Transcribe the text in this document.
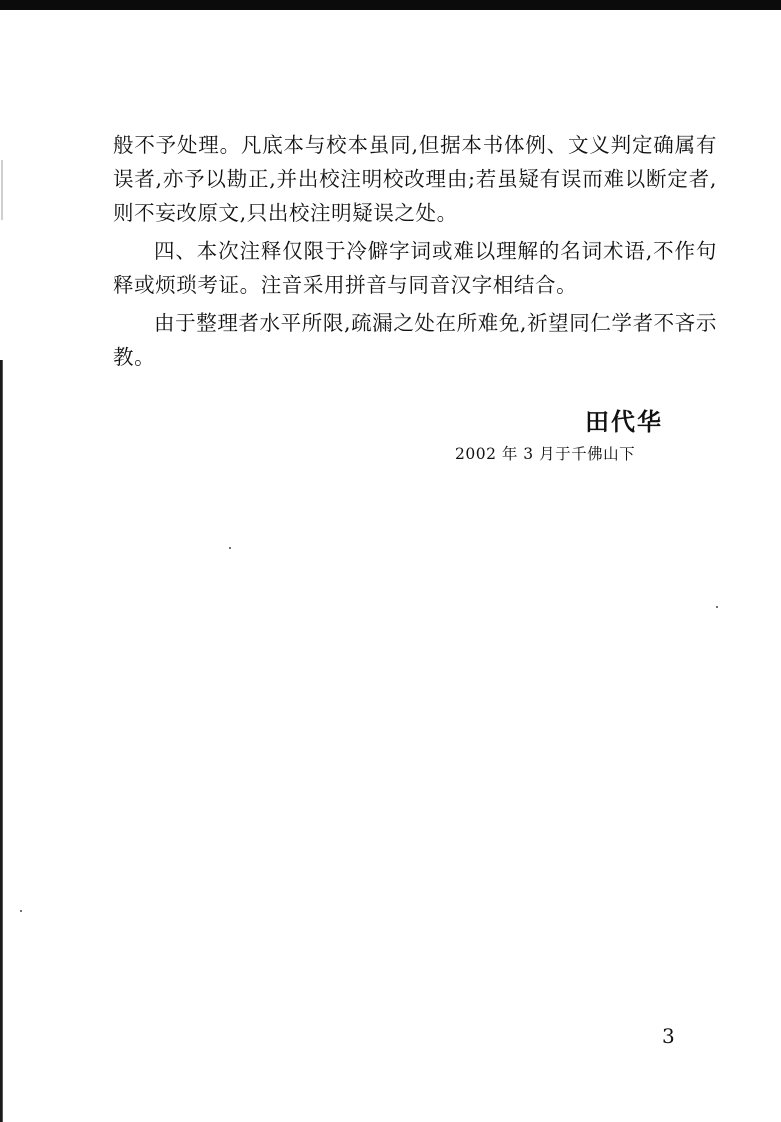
般不予处理。凡底本与校本虽同,但据本书体例、文义判定确属有误者,亦予以勘正,并出校注明校改理由;若虽疑有误而难以断定者,则不妄改原文,只出校注明疑误之处。

四、本次注释仅限于冷僻字词或难以理解的名词术语,不作句释或烦琐考证。注音采用拼音与同音汉字相结合。

由于整理者水平所限,疏漏之处在所难免,祈望同仁学者不吝示教。

田代华
2002 年 3 月于千佛山下
3
